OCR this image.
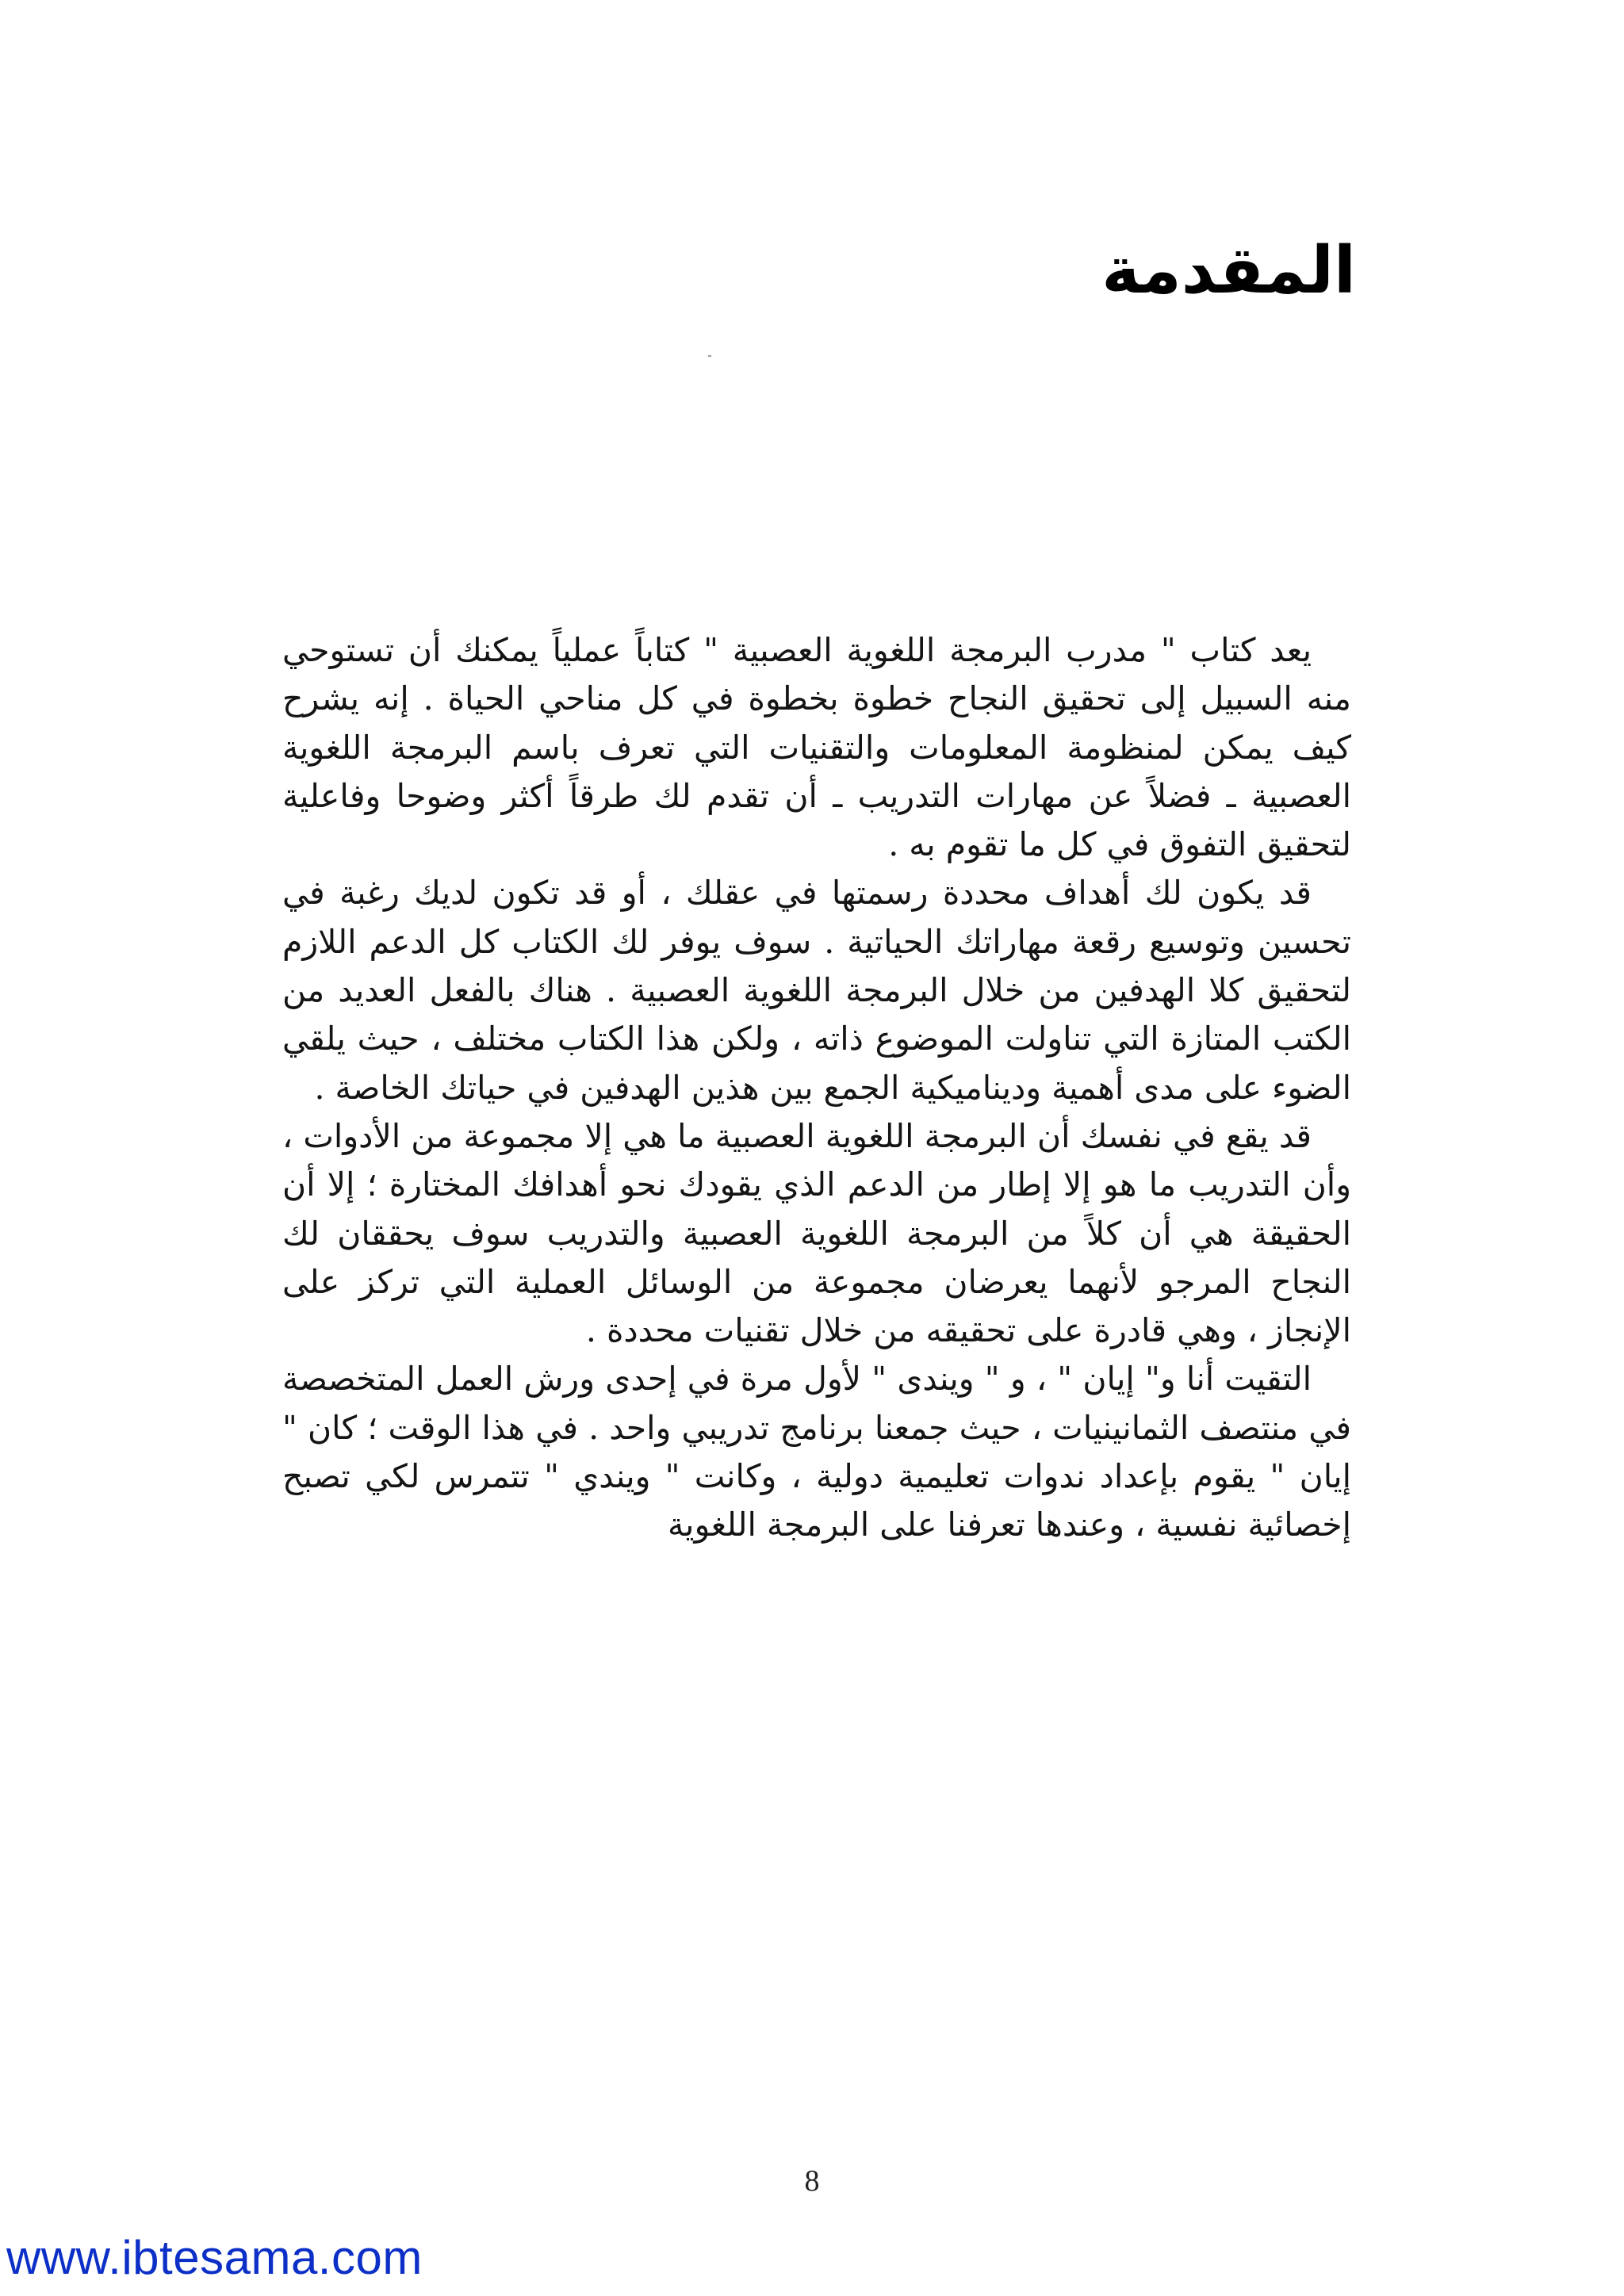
المقدمة

يعد كتاب " مدرب البرمجة اللغوية العصبية " كتاباً عملياً يمكنك أن تستوحي منه السبيل إلى تحقيق النجاح خطوة بخطوة في كل مناحي الحياة . إنه يشرح كيف يمكن لمنظومة المعلومات والتقنيات التي تعرف باسم البرمجة اللغوية العصبية ـ فضلاً عن مهارات التدريب ـ أن تقدم لك طرقاً أكثر وضوحا وفاعلية لتحقيق التفوق في كل ما تقوم به .

قد يكون لك أهداف محددة رسمتها في عقلك ، أو قد تكون لديك رغبة في تحسين وتوسيع رقعة مهاراتك الحياتية . سوف يوفر لك الكتاب كل الدعم اللازم لتحقيق كلا الهدفين من خلال البرمجة اللغوية العصبية . هناك بالفعل العديد من الكتب المتازة التي تناولت الموضوع ذاته ، ولكن هذا الكتاب مختلف ، حيث يلقي الضوء على مدى أهمية وديناميكية الجمع بين هذين الهدفين في حياتك الخاصة .

قد يقع في نفسك أن البرمجة اللغوية العصبية ما هي إلا مجموعة من الأدوات ، وأن التدريب ما هو إلا إطار من الدعم الذي يقودك نحو أهدافك المختارة ؛ إلا أن الحقيقة هي أن كلاً من البرمجة اللغوية العصبية والتدريب سوف يحققان لك النجاح المرجو لأنهما يعرضان مجموعة من الوسائل العملية التي تركز على الإنجاز ، وهي قادرة على تحقيقه من خلال تقنيات محددة .

التقيت أنا و" إيان " ، و " ويندى " لأول مرة في إحدى ورش العمل المتخصصة في منتصف الثمانينيات ، حيث جمعنا برنامج تدريبي واحد . في هذا الوقت ؛ كان " إيان " يقوم بإعداد ندوات تعليمية دولية ، وكانت " ويندي " تتمرس لكي تصبح إخصائية نفسية ، وعندها تعرفنا على البرمجة اللغوية

8
www.ibtesama.com
